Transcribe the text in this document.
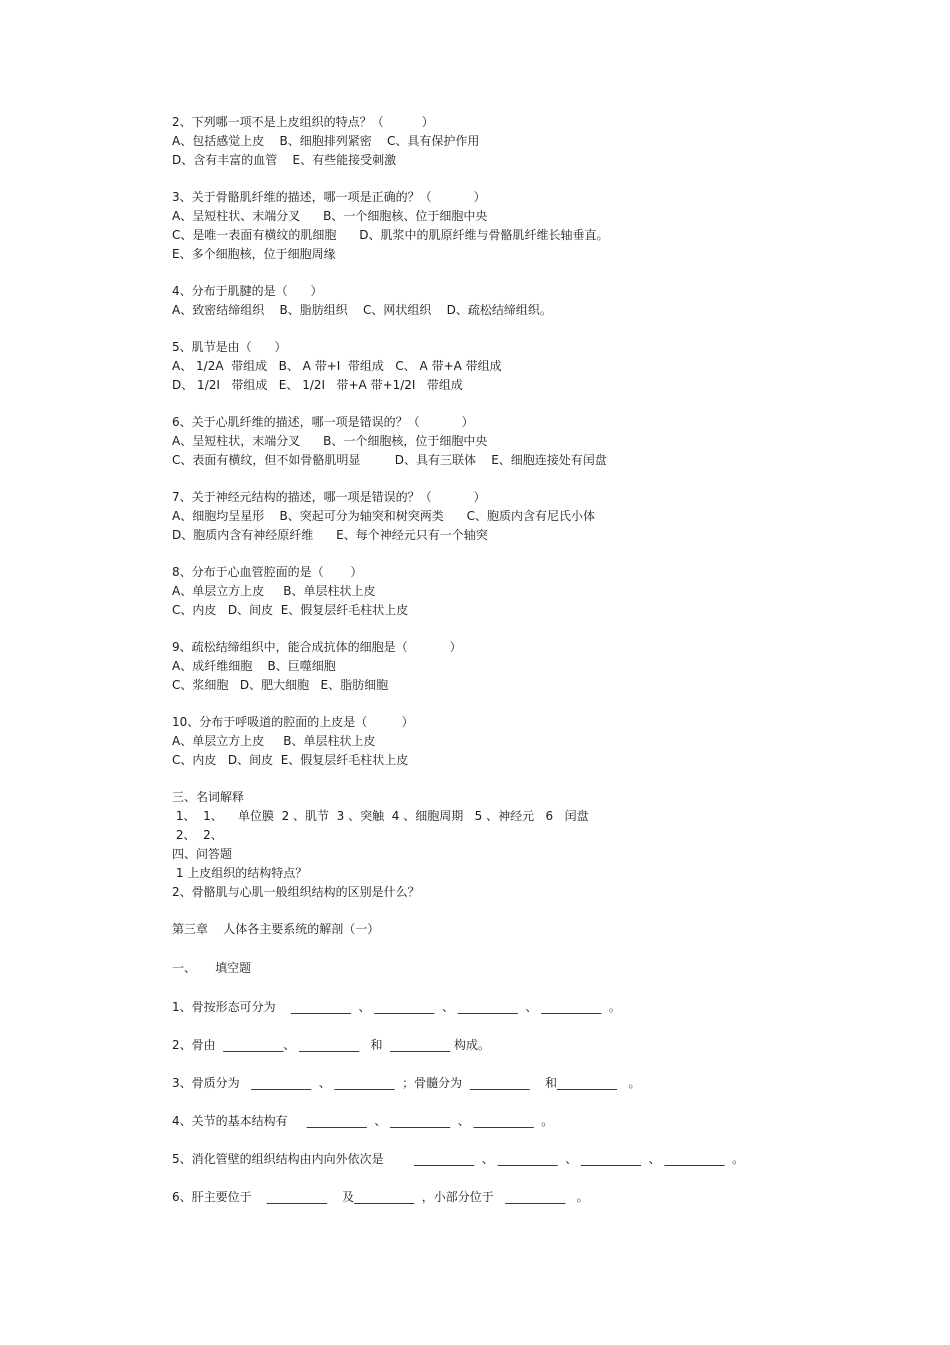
2、下列哪一项不是上皮组织的特点？（          ）
A、包括感觉上皮    B、细胞排列紧密    C、具有保护作用
D、含有丰富的血管    E、有些能接受刺激
3、关于骨骼肌纤维的描述，哪一项是正确的？（           ）
A、呈短柱状、末端分叉      B、一个细胞核、位于细胞中央
C、是唯一表面有横纹的肌细胞      D、肌浆中的肌原纤维与骨骼肌纤维长轴垂直。
E、多个细胞核，位于细胞周缘
4、分布于肌腱的是（      ）
A、致密结缔组织    B、脂肪组织    C、网状组织    D、疏松结缔组织。
5、肌节是由（      ）
A、 1/2A  带组成   B、 A 带+I  带组成   C、 A 带+A 带组成
D、 1/2I   带组成   E、 1/2I   带+A 带+1/2I   带组成
6、关于心肌纤维的描述，哪一项是错误的？（           ）
A、呈短柱状，末端分叉      B、一个细胞核，位于细胞中央
C、表面有横纹，但不如骨骼肌明显         D、具有三联体    E、细胞连接处有闰盘
7、关于神经元结构的描述，哪一项是错误的？（           ）
A、细胞均呈星形    B、突起可分为轴突和树突两类      C、胞质内含有尼氏小体
D、胞质内含有神经原纤维      E、每个神经元只有一个轴突
8、分布于心血管腔面的是（       ）
A、单层立方上皮     B、单层柱状上皮
C、内皮   D、间皮  E、假复层纤毛柱状上皮
9、疏松结缔组织中，能合成抗体的细胞是（           ）
A、成纤维细胞    B、巨噬细胞
C、浆细胞   D、肥大细胞   E、脂肪细胞
10、分布于呼吸道的腔面的上皮是（         ）
A、单层立方上皮     B、单层柱状上皮
C、内皮   D、间皮  E、假复层纤毛柱状上皮
三、名词解释
1、  1、    单位膜  2 、肌节  3 、突触  4 、细胞周期   5 、神经元   6   闰盘
2、  2、
四、问答题
1 上皮组织的结构特点？
2、骨骼肌与心肌一般组织结构的区别是什么？
第三章    人体各主要系统的解剖（一）
一、     填空题
1、骨按形态可分为    __________  、 __________  、 __________  、 __________  。
2、骨由  __________、 __________   和  __________ 构成。
3、骨质分为   __________  、 __________  ；骨髓分为  __________    和__________   。
4、关节的基本结构有     __________  、 __________  、 __________  。
5、消化管壁的组织结构由内向外依次是        __________  、 __________  、 __________  、 __________  。
6、肝主要位于    __________    及__________  ，小部分位于   __________   。
